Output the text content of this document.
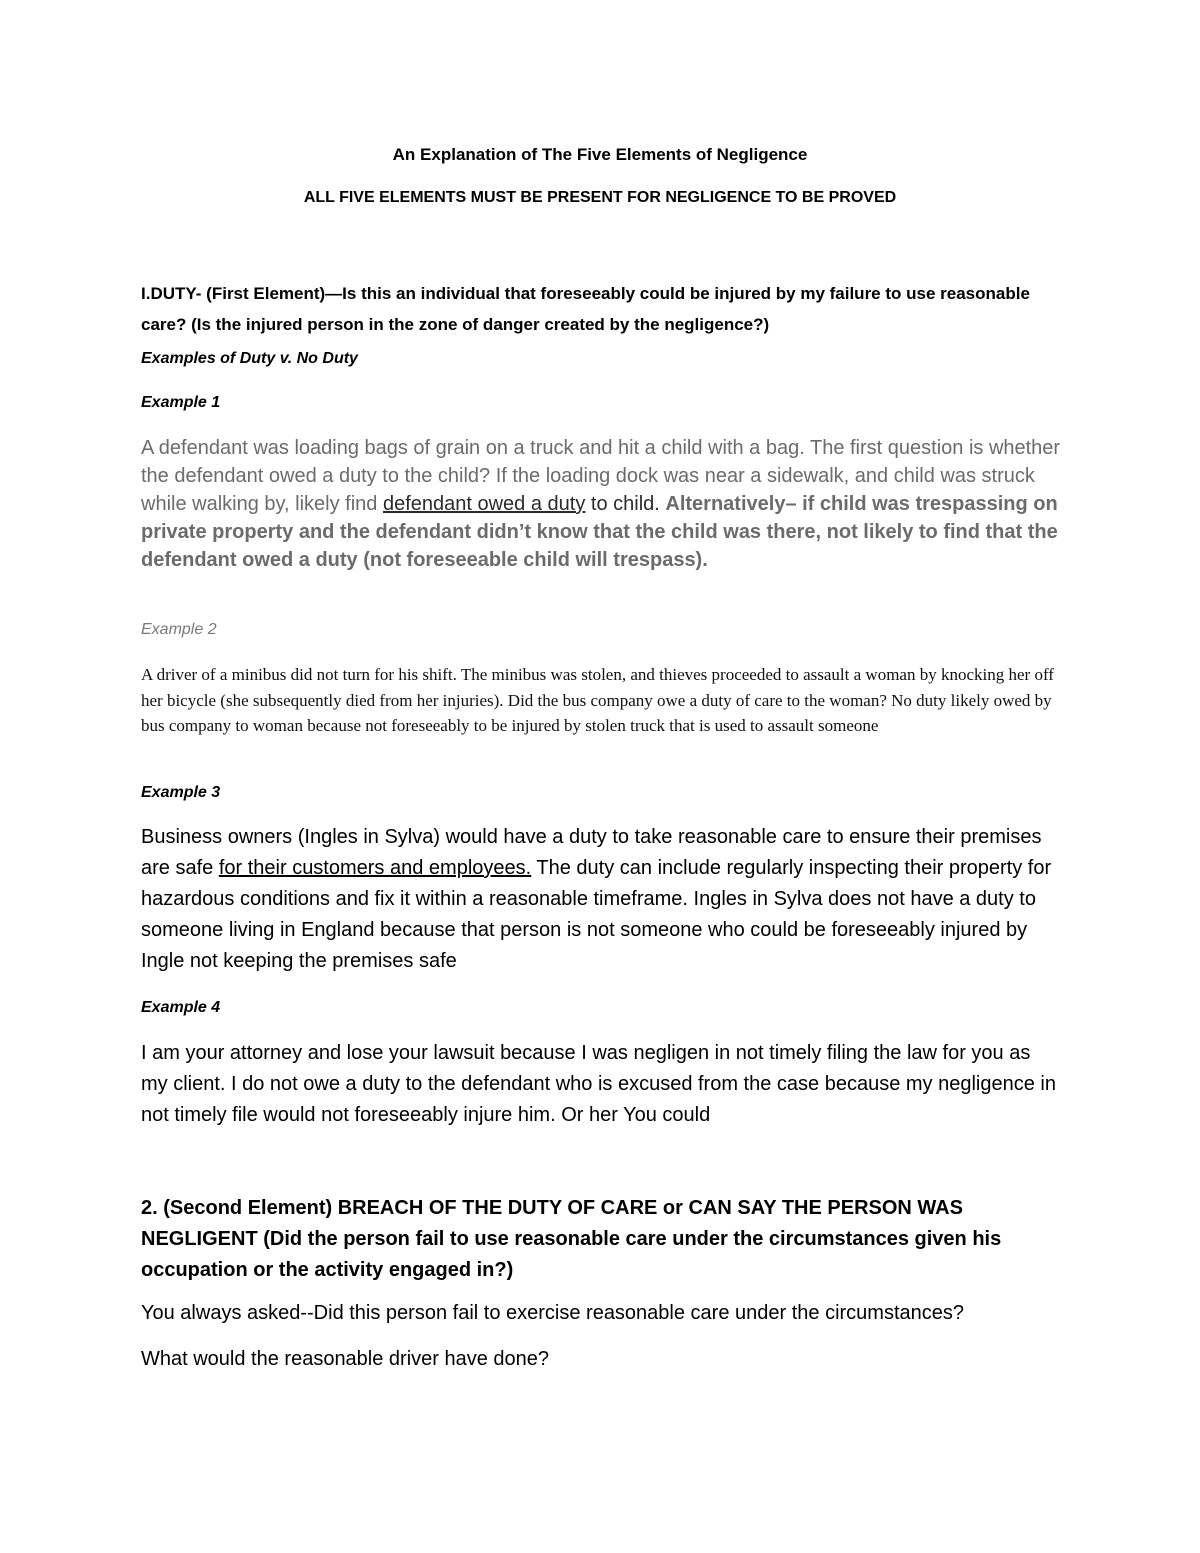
An Explanation of The Five Elements of Negligence

ALL FIVE ELEMENTS MUST BE PRESENT FOR NEGLIGENCE TO BE PROVED

I.DUTY- (First Element)—Is this an individual that foreseeably could be injured by my failure to use reasonable care? (Is the injured person in the zone of danger created by the negligence?)

Examples of Duty v. No Duty

Example 1

A defendant was loading bags of grain on a truck and hit a child with a bag. The first question is whether the defendant owed a duty to the child? If the loading dock was near a sidewalk, and child was struck while walking by, likely find defendant owed a duty to child. Alternatively– if child was trespassing on private property and the defendant didn’t know that the child was there, not likely to find that the defendant owed a duty (not foreseeable child will trespass).

Example 2

A driver of a minibus did not turn for his shift. The minibus was stolen, and thieves proceeded to assault a woman by knocking her off her bicycle (she subsequently died from her injuries). Did the bus company owe a duty of care to the woman? No duty likely owed by bus company to woman because not foreseeably to be injured by stolen truck that is used to assault someone

Example 3

Business owners (Ingles in Sylva) would have a duty to take reasonable care to ensure their premises are safe for their customers and employees. The duty can include regularly inspecting their property for hazardous conditions and fix it within a reasonable timeframe. Ingles in Sylva does not have a duty to someone living in England because that person is not someone who could be foreseeably injured by Ingle not keeping the premises safe

Example 4

I am your attorney and lose your lawsuit because I was negligen in not timely filing the law for you as my client. I do not owe a duty to the defendant who is excused from the case because my negligence in not timely file would not foreseeably injure him. Or her You could

2. (Second Element) BREACH OF THE DUTY OF CARE or CAN SAY THE PERSON WAS NEGLIGENT (Did the person fail to use reasonable care under the circumstances given his occupation or the activity engaged in?)

You always asked--Did this person fail to exercise reasonable care under the circumstances?

What would the reasonable driver have done?
